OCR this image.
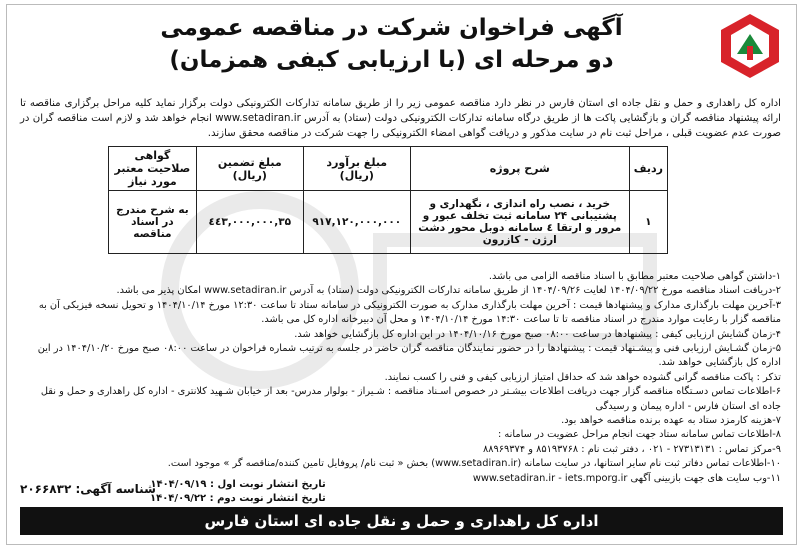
آگهی فراخوان شرکت در مناقصه عمومی
دو مرحله ای (با ارزیابی کیفی همزمان)
اداره کل راهداری و حمل و نقل جاده ای استان فارس در نظر دارد مناقصه عمومی زیر را از طریق سامانه تدارکات الکترونیکی دولت برگزار نماید کلیه مراحل برگزاری مناقصه تا ارائه پیشنهاد مناقصه گران و بازگشایی پاکت ها از طریق درگاه سامانه تدارکات الکترونیکی دولت (ستاد) به آدرس www.setadiran.ir انجام خواهد شد و لازم است مناقصه گران در صورت عدم عضویت قبلی ، مراحل ثبت نام در سایت مذکور و دریافت گواهی امضاء الکترونیکی را جهت شرکت در مناقصه محقق سازند.
ردیف	شرح پروژه	مبلغ برآورد (ریال)	مبلغ تضمین (ریال)	گواهی صلاحیت معتبر مورد نیاز
۱	خرید ، نصب راه اندازی ، نگهداری و پشتیبانی ۲۴ سامانه ثبت تخلف عبور و مرور و ارتقا ٤ سامانه دوبل محور دشت ارژن - کازرون	۹۱۷,۱۲۰,۰۰۰,۰۰۰	۳۵,٤٤۳,۰۰۰,۰۰۰	به شرح مندرج در اسناد مناقصه
۱-داشتن گواهی صلاحیت معتبر مطابق با اسناد مناقصه الزامی می باشد.
۲-دریافت اسناد مناقصه مورخ ۱۴۰۴/۰۹/۲۲ لغایت ۱۴۰۴/۰۹/۲۶ از طریق سامانه تدارکات الکترونیکی دولت (ستاد) به آدرس www.setadiran.ir امکان پذیر می باشد.
۳-آخرین مهلت بارگذاری مدارک و پیشنهادها قیمت : آخرین مهلت بارگذاری مدارک به صورت الکترونیکی در سامانه ستاد تا ساعت ۱۲:۳۰ مورخ ۱۴۰۴/۱۰/۱۴ و تحویل نسخه فیزیکی آن به مناقصه گزار با رعایت موارد مندرج در اسناد مناقصه تا تا ساعت ۱۴:۳۰ مورخ ۱۴۰۴/۱۰/۱۴ و محل آن دبیرخانه اداره کل می باشد.
۴-زمان گشایش ارزیابی کیفی : پیشنهادها در ساعت ۰۸:۰۰ صبح مورخ ۱۴۰۴/۱۰/۱۶ در این اداره کل بازگشایی خواهد شد.
۵-زمان گشـایش ارزیابی فنی و پیشـنهاد قیمت : پیشنهادها را در حضور نمایندگان مناقصه گران حاضر در جلسه به ترتیب شماره فراخوان در ساعت ۰۸:۰۰ صبح مورخ ۱۴۰۴/۱۰/۲۰ در این اداره کل بازگشایی خواهد شد.
تذکر : پاکت مناقصه گرانی گشوده خواهد شد که حداقل امتیاز ارزیابی کیفی و فنی را کسب نمایند.
۶-اطلاعات تماس دسـتگاه مناقصه گزار جهت دریافت اطلاعات بیشـتر در خصوص اسـناد مناقصه : شـیراز - بولوار مدرس- بعد از خیابان شـهید کلانتری - اداره کل راهداری و حمل و نقل جاده ای استان فارس - اداره پیمان و رسیدگی
۷-هزینه کارمزد ستاد به عهده برنده مناقصه خواهد بود.
۸-اطلاعات تماس سامانه ستاد جهت انجام مراحل عضویت در سامانه :
۹-مرکز تماس : ۲۷۳۱۳۱۳۱ - ۰۲۱ ، دفتر ثبت نام : ۸۵۱۹۳۷۶۸ و ۸۸۹۶۹۳۷۴
۱۰-اطلاعات تماس دفاتر ثبت نام سایر استانها، در سایت سامانه (www.setadiran.ir) بخش « ثبت نام/ پروفایل تامین کننده/مناقصه گر » موجود است.
۱۱-وب سایت های جهت بازبینی آگهی www.setadiran.ir - iets.mporg.ir
تاریخ انتشار نوبت اول : ۱۴۰۴/۰۹/۱۹
تاریخ انتشار نوبت دوم : ۱۴۰۴/۰۹/۲۲
شناسه آگهی: ۲۰۶۶۸۳۲
اداره کل راهداری و حمل و نقل جاده ای استان فارس
